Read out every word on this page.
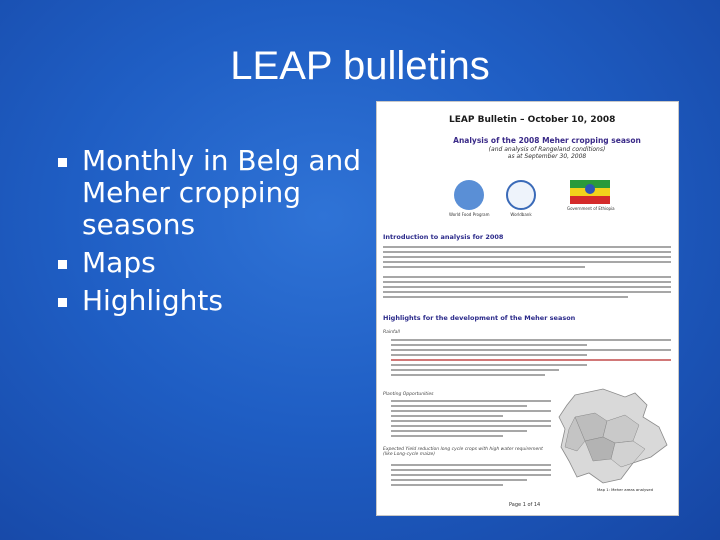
LEAP bulletins
Monthly in Belg and Meher cropping seasons
Maps
Highlights
LEAP Bulletin – October 10, 2008
Analysis of the 2008 Meher cropping season
(and analysis of Rangeland conditions)
as at September 30, 2008
World Food Program	Worldbank
Government of Ethiopia
Introduction to analysis for 2008
Highlights for the development of the Meher season
Rainfall
Planting Opportunities
Expected Yield reduction long cycle crops with high water requirement (like Long-cycle maize)
Map 1: Meher areas analysed
Page 1 of 14
